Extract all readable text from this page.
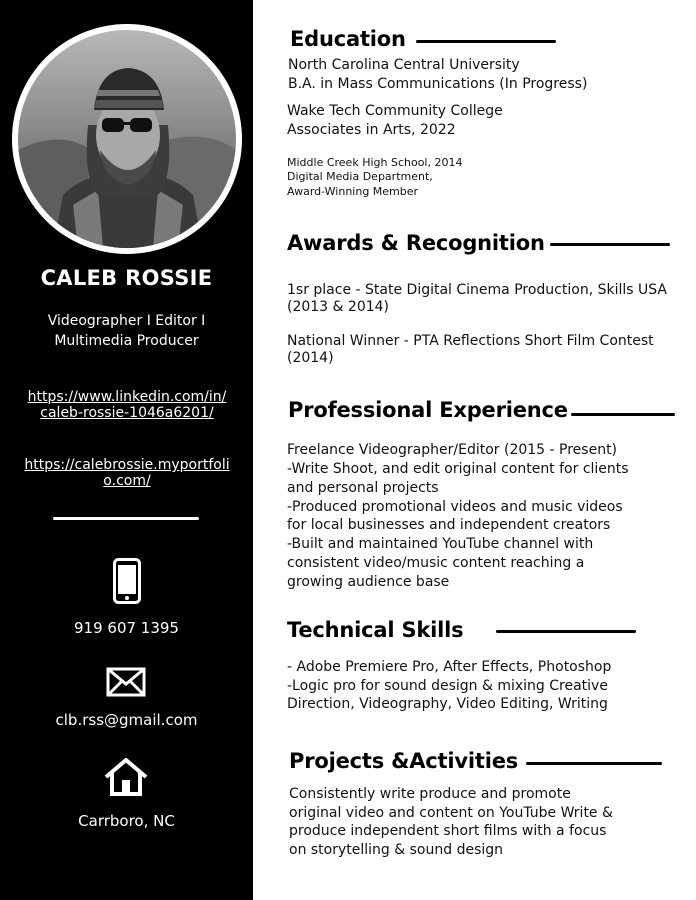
CALEB ROSSIE
Videographer I Editor I Multimedia Producer
https://www.linkedin.com/in/caleb-rossie-1046a6201/
https://calebrossie.myportfolio.com/
919 607 1395
clb.rss@gmail.com
Carrboro, NC
Education
North Carolina Central University
B.A. in Mass Communications (In Progress)
Wake Tech Community College
Associates in Arts, 2022
Middle Creek High School, 2014
Digital Media Department,
Award-Winning Member
Awards & Recognition
1sr place - State Digital Cinema Production, Skills USA
(2013 & 2014)
National Winner - PTA Reflections Short Film Contest
(2014)
Professional Experience
Freelance Videographer/Editor (2015 - Present)
-Write Shoot, and edit original content for clients
and personal projects
-Produced promotional videos and music videos
for local businesses and independent creators
-Built and maintained YouTube channel with
consistent video/music content reaching a
growing audience base
Technical Skills
- Adobe Premiere Pro, After Effects, Photoshop
-Logic pro for sound design & mixing Creative
Direction, Videography, Video Editing, Writing
Projects &Activities
Consistently write produce and promote
original video and content on YouTube Write &
produce independent short films with a focus
on storytelling & sound design
